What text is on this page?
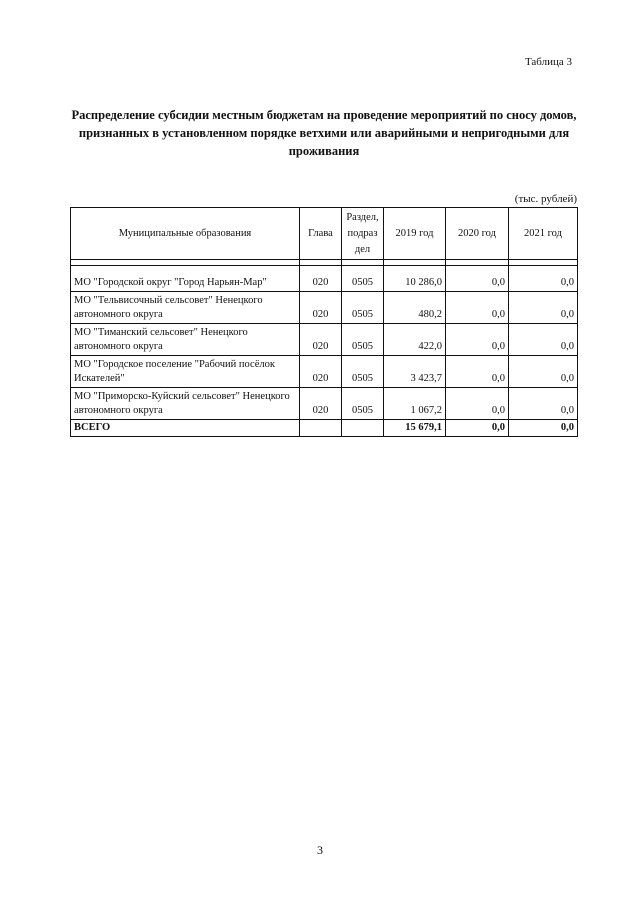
Таблица 3
Распределение субсидии местным бюджетам на проведение мероприятий по сносу домов, признанных в установленном порядке ветхими или аварийными и непригодными для проживания
(тыс. рублей)
Муниципальные образования	Глава	Раздел, подраз дел	2019 год	2020 год	2021 год

МО "Городской округ "Город Нарьян-Мар"	020	0505	10 286,0	0,0	0,0
МО "Тельвисочный сельсовет" Ненецкого автономного округа	020	0505	480,2	0,0	0,0
МО "Тиманский сельсовет" Ненецкого автономного округа	020	0505	422,0	0,0	0,0
МО "Городское поселение "Рабочий посёлок Искателей"	020	0505	3 423,7	0,0	0,0
МО "Приморско-Куйский сельсовет" Ненецкого автономного округа	020	0505	1 067,2	0,0	0,0
ВСЕГО			15 679,1	0,0	0,0
3
